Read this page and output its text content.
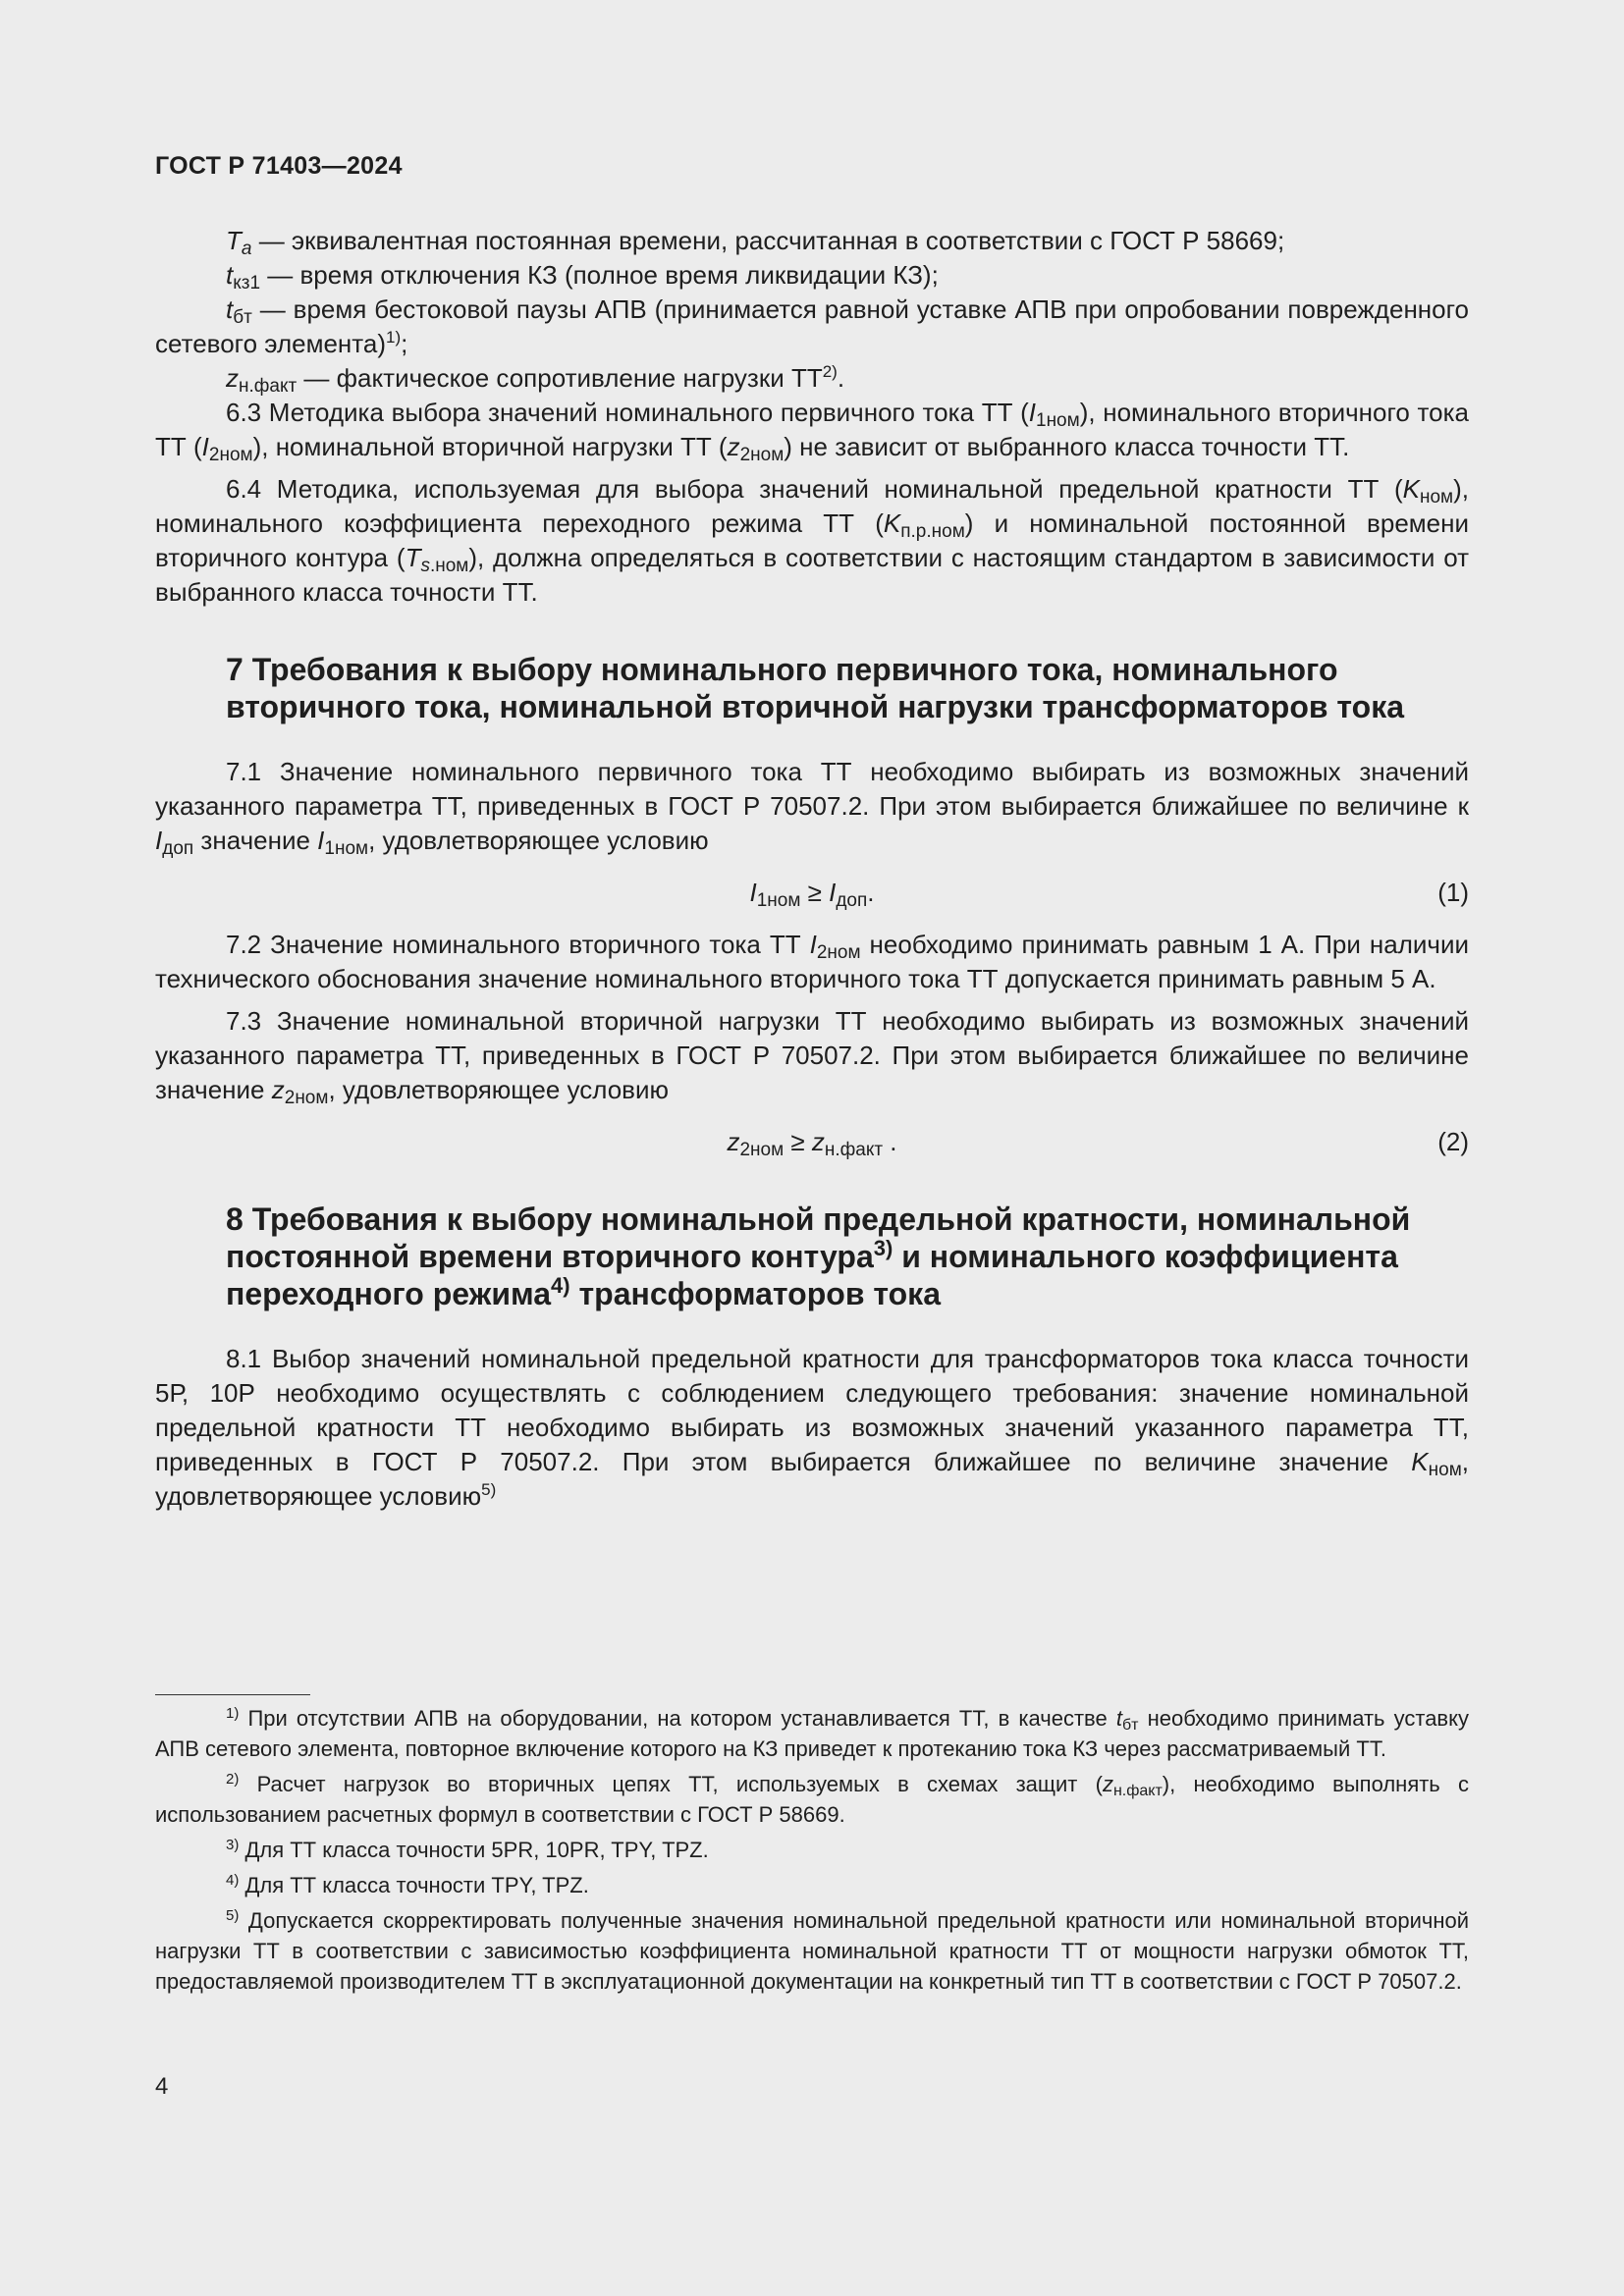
ГОСТ Р 71403—2024

Ta — эквивалентная постоянная времени, рассчитанная в соответствии с ГОСТ Р 58669;

tкз1 — время отключения КЗ (полное время ликвидации КЗ);

tбт — время бестоковой паузы АПВ (принимается равной уставке АПВ при опробовании поврежденного сетевого элемента)$^{1)}$;

zн.факт — фактическое сопротивление нагрузки ТТ$^{2)}$.

6.3 Методика выбора значений номинального первичного тока ТТ (I1ном), номинального вторичного тока ТТ (I2ном), номинальной вторичной нагрузки ТТ (z2ном) не зависит от выбранного класса точности ТТ.

6.4 Методика, используемая для выбора значений номинальной предельной кратности ТТ (Kном), номинального коэффициента переходного режима ТТ (Kп.р.ном) и номинальной постоянной времени вторичного контура (Ts.ном), должна определяться в соответствии с настоящим стандартом в зависимости от выбранного класса точности ТТ.

7 Требования к выбору номинального первичного тока, номинального вторичного тока, номинальной вторичной нагрузки трансформаторов тока

7.1 Значение номинального первичного тока ТТ необходимо выбирать из возможных значений указанного параметра ТТ, приведенных в ГОСТ Р 70507.2. При этом выбирается ближайшее по величине к Iдоп значение I1ном, удовлетворяющее условию

I1ном ≥ Iдоп.	(1)

7.2 Значение номинального вторичного тока ТТ I2ном необходимо принимать равным 1 А. При наличии технического обоснования значение номинального вторичного тока ТТ допускается принимать равным 5 А.

7.3 Значение номинальной вторичной нагрузки ТТ необходимо выбирать из возможных значений указанного параметра ТТ, приведенных в ГОСТ Р 70507.2. При этом выбирается ближайшее по величине значение z2ном, удовлетворяющее условию

z2ном ≥ zн.факт .	(2)
8 Требования к выбору номинальной предельной кратности, номинальной постоянной времени вторичного контура$^{3)}$ и номинального коэффициента переходного режима$^{4)}$ трансформаторов тока

8.1 Выбор значений номинальной предельной кратности для трансформаторов тока класса точности 5Р, 10Р необходимо осуществлять с соблюдением следующего требования: значение номинальной предельной кратности ТТ необходимо выбирать из возможных значений указанного параметра ТТ, приведенных в ГОСТ Р 70507.2. При этом выбирается ближайшее по величине значение Kном, удовлетворяющее условию$^{5)}$

$^{1)}$ При отсутствии АПВ на оборудовании, на котором устанавливается ТТ, в качестве tбт необходимо принимать уставку АПВ сетевого элемента, повторное включение которого на КЗ приведет к протеканию тока КЗ через рассматриваемый ТТ.

$^{2)}$ Расчет нагрузок во вторичных цепях ТТ, используемых в схемах защит (zн.факт), необходимо выполнять с использованием расчетных формул в соответствии с ГОСТ Р 58669.

$^{3)}$ Для ТТ класса точности 5PR, 10PR, TPY, TPZ.

$^{4)}$ Для ТТ класса точности TPY, TPZ.

$^{5)}$ Допускается скорректировать полученные значения номинальной предельной кратности или номинальной вторичной нагрузки ТТ в соответствии с зависимостью коэффициента номинальной кратности ТТ от мощности нагрузки обмоток ТТ, предоставляемой производителем ТТ в эксплуатационной документации на конкретный тип ТТ в соответствии с ГОСТ Р 70507.2.

4
